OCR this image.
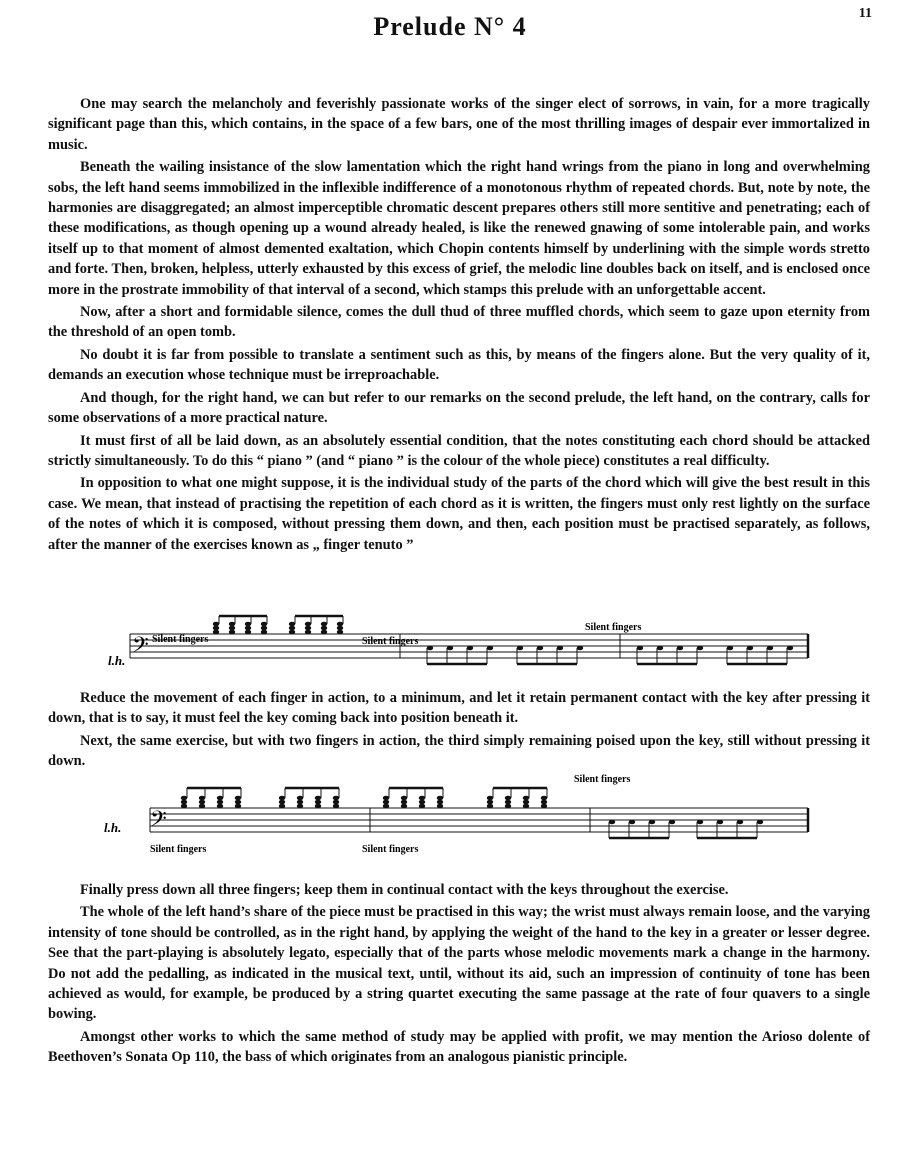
Prelude N° 4	11

One may search the melancholy and feverishly passionate works of the singer elect of sorrows, in vain, for a more tragically significant page than this, which contains, in the space of a few bars, one of the most thrilling images of despair ever immortalized in music.

Beneath the wailing insistance of the slow lamentation which the right hand wrings from the piano in long and overwhelming sobs, the left hand seems immobilized in the inflexible indifference of a monotonous rhythm of repeated chords. But, note by note, the harmonies are disaggregated; an almost imperceptible chromatic descent prepares others still more sentitive and penetrating; each of these modifications, as though opening up a wound already healed, is like the renewed gnawing of some intolerable pain, and works itself up to that moment of almost demented exaltation, which Chopin contents himself by underlining with the simple words stretto and forte. Then, broken, helpless, utterly exhausted by this excess of grief, the melodic line doubles back on itself, and is enclosed once more in the prostrate immobility of that interval of a second, which stamps this prelude with an unforgettable accent.

Now, after a short and formidable silence, comes the dull thud of three muffled chords, which seem to gaze upon eternity from the threshold of an open tomb.

No doubt it is far from possible to translate a sentiment such as this, by means of the fingers alone. But the very quality of it, demands an execution whose technique must be irreproachable.

And though, for the right hand, we can but refer to our remarks on the second prelude, the left hand, on the contrary, calls for some observations of a more practical nature.

It must first of all be laid down, as an absolutely essential condition, that the notes constituting each chord should be attacked strictly simultaneously. To do this “ piano ” (and “ piano ” is the colour of the whole piece) constitutes a real difficulty.

In opposition to what one might suppose, it is the individual study of the parts of the chord which will give the best result in this case. We mean, that instead of practising the repetition of each chord as it is written, the fingers must only rest lightly on the surface of the notes of which it is composed, without pressing them down, and then, each position must be practised separately, as follows, after the manner of the exercises known as „ finger tenuto ”

𝄢
l.h.
Silent fingers	Silent fingers
Silent fingers

Reduce the movement of each finger in action, to a minimum, and let it retain permanent contact with the key after pressing it down, that is to say, it must feel the key coming back into position beneath it.

Next, the same exercise, but with two fingers in action, the third simply remaining poised upon the key, still without pressing it down.

𝄢
l.h.
Silent fingers	Silent fingers
Silent fingers

Finally press down all three fingers; keep them in continual contact with the keys throughout the exercise.

The whole of the left hand’s share of the piece must be practised in this way; the wrist must always remain loose, and the varying intensity of tone should be controlled, as in the right hand, by applying the weight of the hand to the key in a greater or lesser degree. See that the part-playing is absolutely legato, especially that of the parts whose melodic movements mark a change in the harmony. Do not add the pedalling, as indicated in the musical text, until, without its aid, such an impression of continuity of tone has been achieved as would, for example, be produced by a string quartet executing the same passage at the rate of four quavers to a single bowing.

Amongst other works to which the same method of study may be applied with profit, we may mention the Arioso dolente of Beethoven’s Sonata Op 110, the bass of which originates from an analogous pianistic principle.
